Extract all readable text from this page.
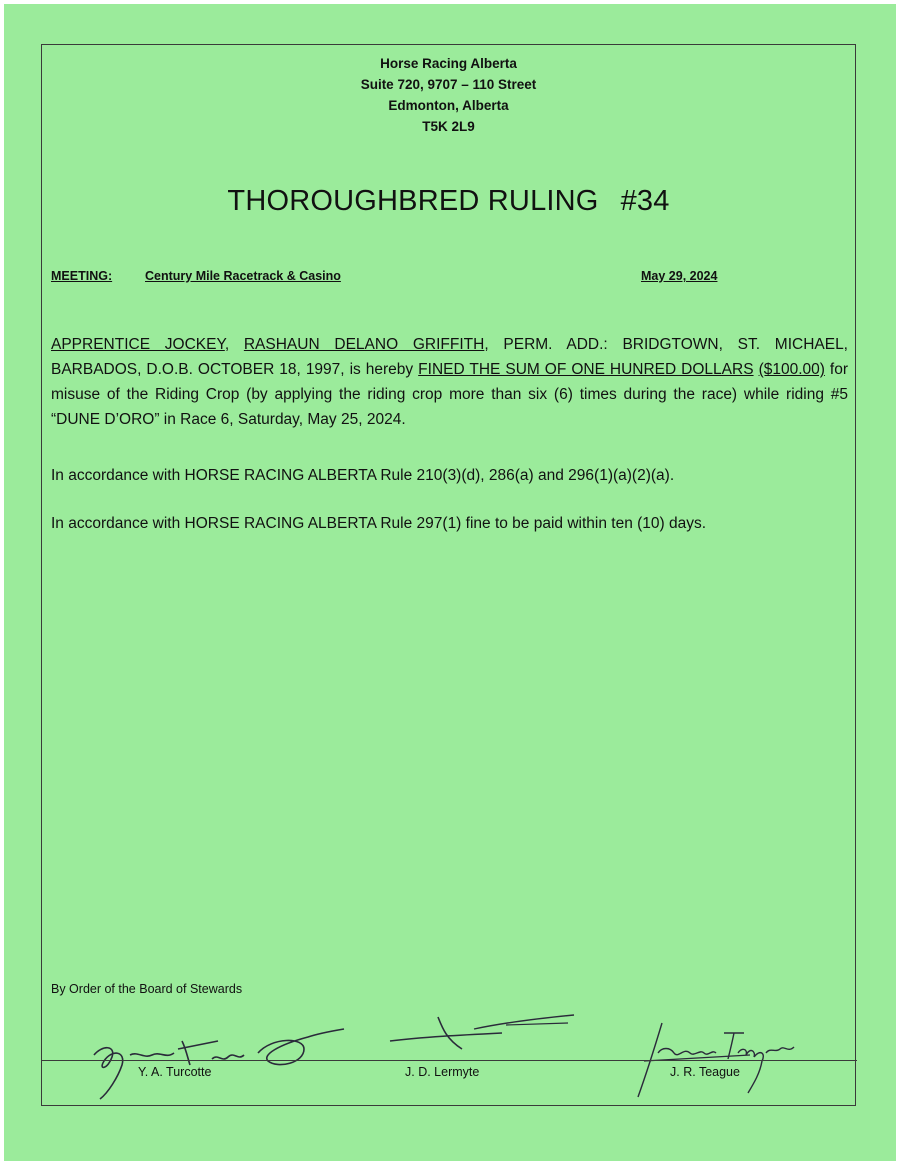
Horse Racing Alberta
Suite 720, 9707 – 110 Street
Edmonton, Alberta
T5K 2L9
THOROUGHBRED RULING #34
MEETING:	Century Mile Racetrack & Casino	May 29, 2024
APPRENTICE JOCKEY, RASHAUN DELANO GRIFFITH, PERM. ADD.: BRIDGTOWN, ST. MICHAEL, BARBADOS, D.O.B. OCTOBER 18, 1997, is hereby FINED THE SUM OF ONE HUNRED DOLLARS ($100.00) for misuse of the Riding Crop (by applying the riding crop more than six (6) times during the race) while riding #5 “DUNE D’ORO” in Race 6, Saturday, May 25, 2024.
In accordance with HORSE RACING ALBERTA Rule 210(3)(d), 286(a) and 296(1)(a)(2)(a).
In accordance with HORSE RACING ALBERTA Rule 297(1) fine to be paid within ten (10) days.
By Order of the Board of Stewards
Y. A. Turcotte	J. D. Lermyte	J. R. Teague
